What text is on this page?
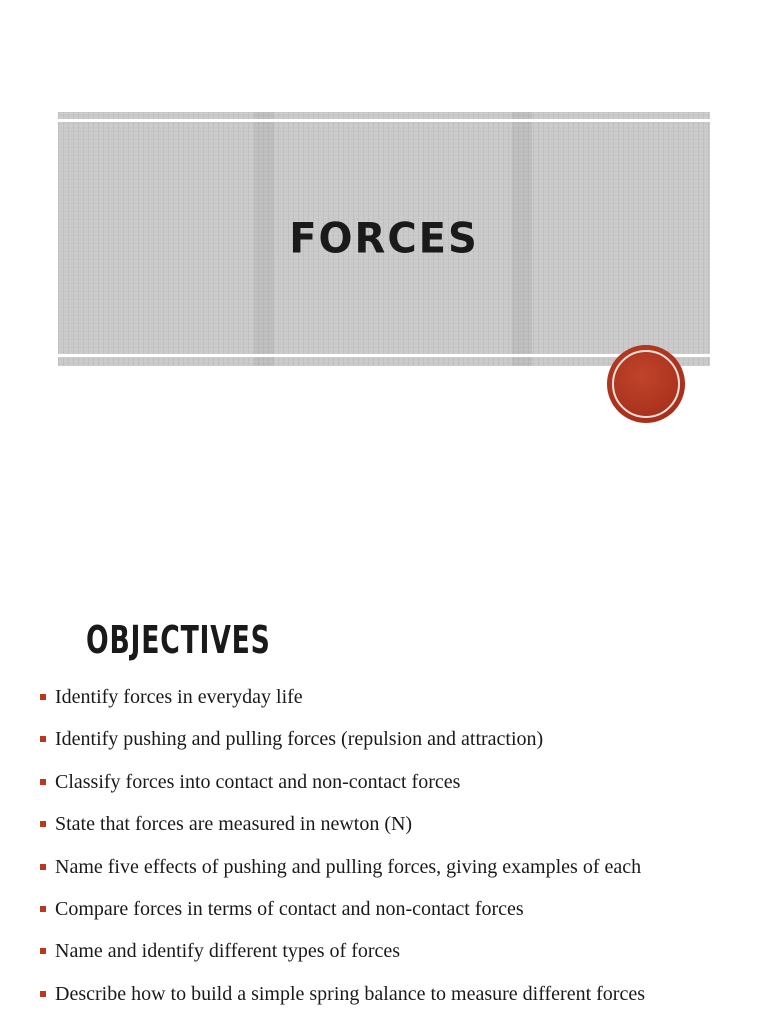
FORCES
OBJECTIVES
Identify forces in everyday life
Identify pushing and pulling forces (repulsion and attraction)
Classify forces into contact and non-contact forces
State that forces are measured in newton (N)
Name five effects of pushing and pulling forces, giving examples of each
Compare forces in terms of contact and non-contact forces
Name and identify different types of forces
Describe how to build a simple spring balance to measure different forces
